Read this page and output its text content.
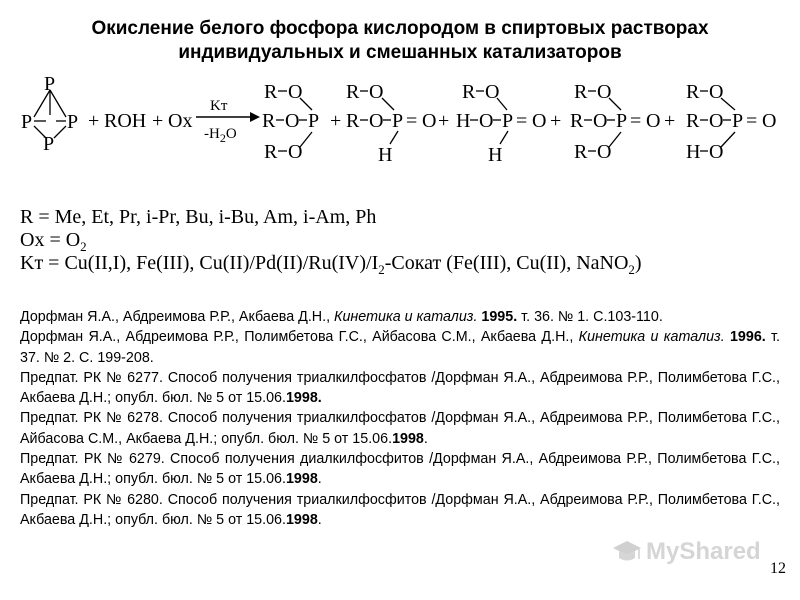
Окисление белого фосфора кислородом в спиртовых растворах
индивидуальных и смешанных катализаторов
P
P P
P
+ ROH + Ox
Kт
$-H_2O$
R O
R O P
R O
+
R O
R O P
H
= O +
R O
H O P
H
= O +
R O
R O P
R O
= O +
R O
R O P
H O
= O
R = Me, Et, Pr, i-Pr, Bu, i-Bu, Am, i-Am, Ph
$Ox = O_2$
Kт = Cu(II,I), Fe(III), $Cu(II)/Pd(II)/Ru(IV)/I_2$-Сокат (Fe(III), Cu(II), NaNO$_2$)

Дорфман Я.А., Абдреимова Р.Р., Акбаева Д.Н., Кинетика и катализ. 1995. т. 36. № 1. С.103-110.

Дорфман Я.А., Абдреимова Р.Р., Полимбетова Г.С., Айбасова С.М., Акбаева Д.Н., Кинетика и катализ. 1996. т. 37. № 2. С. 199-208.

Предпат. РК № 6277. Способ получения триалкилфосфатов /Дорфман Я.А., Абдреимова Р.Р., Полимбетова Г.С., Акбаева Д.Н.; опубл. бюл. № 5 от 15.06.1998.

Предпат. РК № 6278. Способ получения триалкилфосфатов /Дорфман Я.А., Абдреимова Р.Р., Полимбетова Г.С., Айбасова С.М., Акбаева Д.Н.; опубл. бюл. № 5 от 15.06.1998.

Предпат. РК № 6279. Способ получения диалкилфосфитов /Дорфман Я.А., Абдреимова Р.Р., Полимбетова Г.С., Акбаева Д.Н.; опубл. бюл. № 5 от 15.06.1998.

Предпат. РК № 6280. Способ получения триалкилфосфитов /Дорфман Я.А., Абдреимова Р.Р., Полимбетова Г.С., Акбаева Д.Н.; опубл. бюл. № 5 от 15.06.1998.

MyShared
12
